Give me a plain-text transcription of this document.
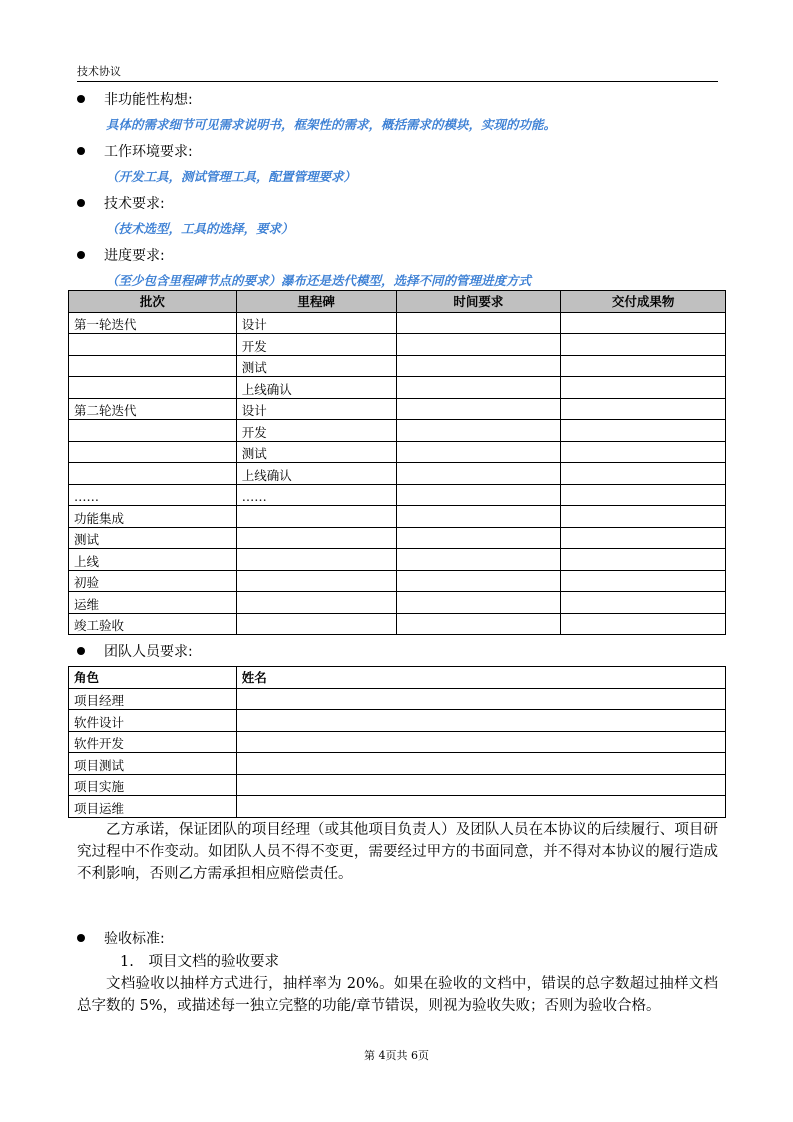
技术协议
非功能性构想:
具体的需求细节可见需求说明书，框架性的需求，概括需求的模块，实现的功能。
工作环境要求:
（开发工具，测试管理工具，配置管理要求）
技术要求:
（技术选型，工具的选择，要求）
进度要求:
（至少包含里程碑节点的要求）瀑布还是迭代模型，选择不同的管理进度方式
批次	里程碑	时间要求	交付成果物
第一轮迭代	设计		
	开发		
	测试		
	上线确认		
第二轮迭代	设计		
	开发		
	测试		
	上线确认		
……	……		
功能集成			
测试			
上线			
初验			
运维			
竣工验收			
团队人员要求:
角色	姓名
项目经理	
软件设计	
软件开发	
项目测试	
项目实施	
项目运维	
乙方承诺，保证团队的项目经理（或其他项目负责人）及团队人员在本协议的后续履行、项目研究过程中不作变动。如团队人员不得不变更，需要经过甲方的书面同意，并不得对本协议的履行造成不利影响，否则乙方需承担相应赔偿责任。
验收标准:
1. 项目文档的验收要求
文档验收以抽样方式进行，抽样率为 20%。如果在验收的文档中，错误的总字数超过抽样文档总字数的 5%，或描述每一独立完整的功能/章节错误，则视为验收失败；否则为验收合格。
第 4页共 6页
